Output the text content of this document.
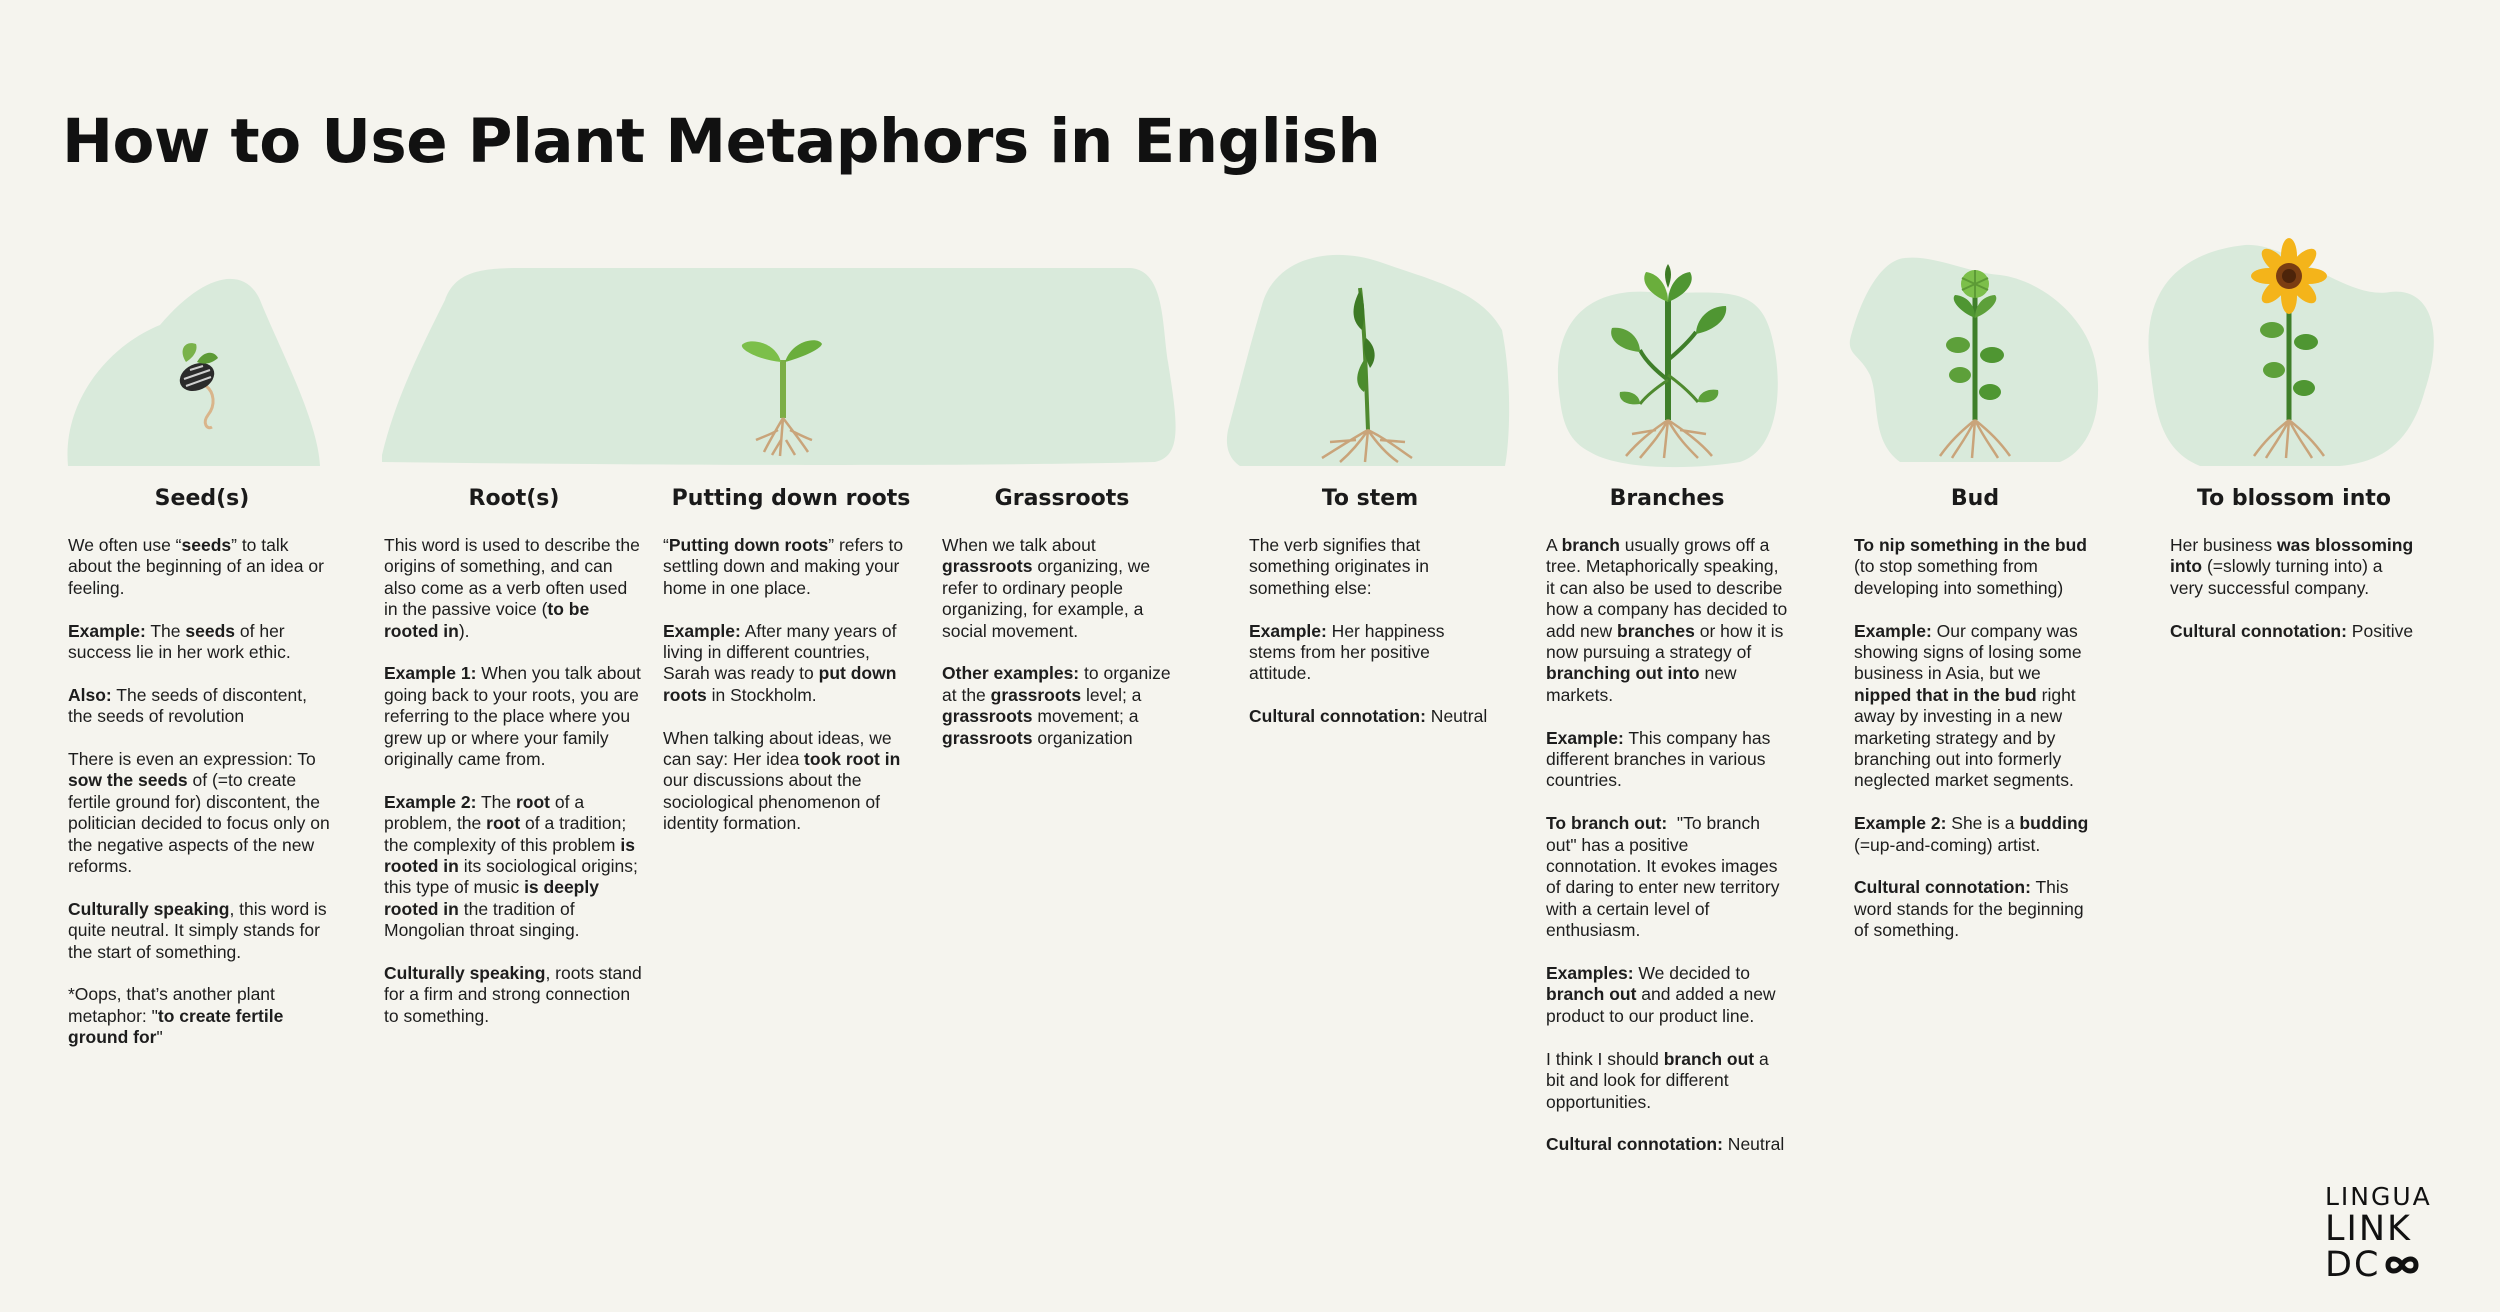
How to Use Plant Metaphors in English
Seed(s)

We often use “seeds” to talk about the beginning of an idea or feeling.

Example: The seeds of her success lie in her work ethic.

Also: The seeds of discontent, the seeds of revolution

There is even an expression: To sow the seeds of (=to create fertile ground for) discontent, the politician decided to focus only on the negative aspects of the new reforms.

Culturally speaking, this word is quite neutral. It simply stands for the start of something.

*Oops, that’s another plant metaphor: "to create fertile ground for"

Root(s)

This word is used to describe the origins of something, and can also come as a verb often used in the passive voice (to be rooted in).

Example 1: When you talk about going back to your roots, you are referring to the place where you grew up or where your family originally came from.

Example 2: The root of a problem, the root of a tradition; the complexity of this problem is rooted in its sociological origins; this type of music is deeply rooted in the tradition of Mongolian throat singing.

Culturally speaking, roots stand for a firm and strong connection to something.

Putting down roots

“Putting down roots” refers to settling down and making your home in one place.

Example: After many years of living in different countries, Sarah was ready to put down roots in Stockholm.

When talking about ideas, we can say: Her idea took root in our discussions about the sociological phenomenon of identity formation.

Grassroots

When we talk about grassroots organizing, we refer to ordinary people organizing, for example, a social movement.

Other examples: to organize at the grassroots level; a grassroots movement; a grassroots organization

To stem

The verb signifies that something originates in something else:

Example: Her happiness stems from her positive attitude.

Cultural connotation: Neutral

Branches

A branch usually grows off a tree. Metaphorically speaking, it can also be used to describe how a company has decided to add new branches or how it is now pursuing a strategy of branching out into new markets.

Example: This company has different branches in various countries.

To branch out:  "To branch out" has a positive connotation. It evokes images of daring to enter new territory with a certain level of enthusiasm.

Examples: We decided to branch out and added a new product to our product line.

I think I should branch out a bit and look for different opportunities.

Cultural connotation: Neutral

Bud

To nip something in the bud (to stop something from developing into something)

Example: Our company was showing signs of losing some business in Asia, but we nipped that in the bud right away by investing in a new marketing strategy and by branching out into formerly neglected market segments.

Example 2: She is a budding (=up-and-coming) artist.

Cultural connotation: This word stands for the beginning of something.

To blossom into

Her business was blossoming into (=slowly turning into) a very successful company.

Cultural connotation: Positive

LINGUA
LINK
DC
